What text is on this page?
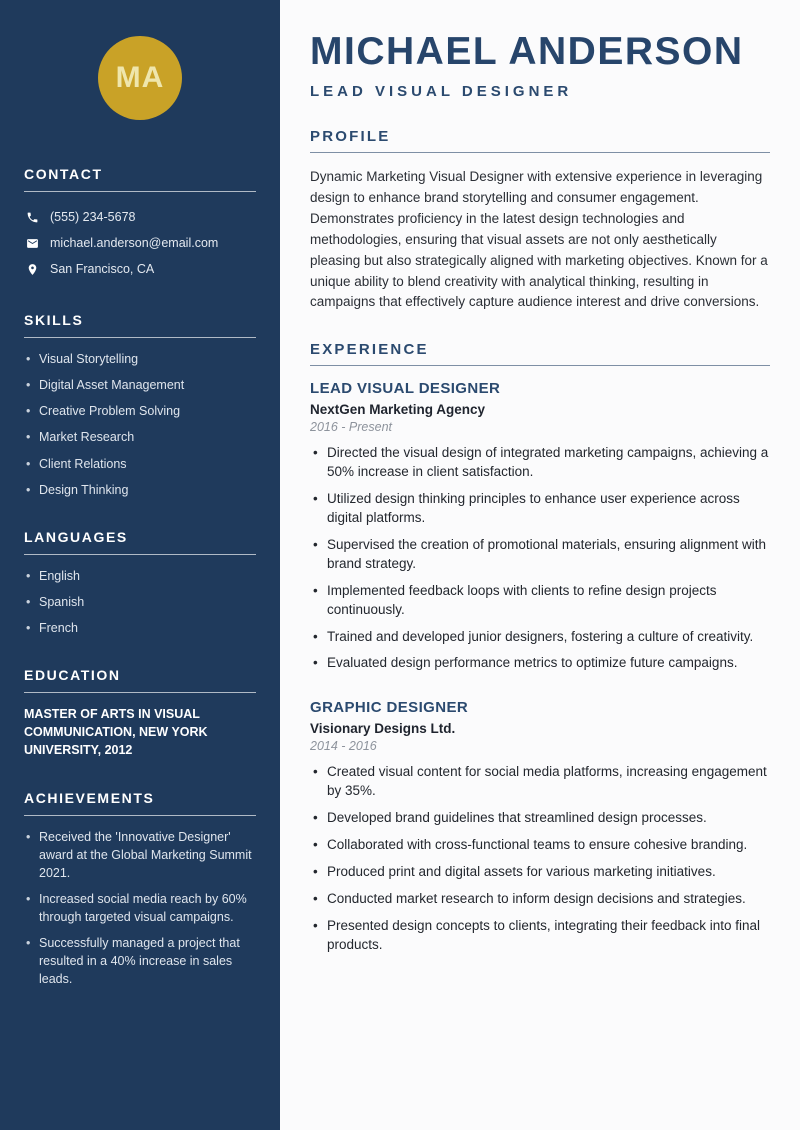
MA
CONTACT
(555) 234-5678
michael.anderson@email.com
San Francisco, CA
SKILLS
• Visual Storytelling
• Digital Asset Management
• Creative Problem Solving
• Market Research
• Client Relations
• Design Thinking
LANGUAGES
• English
• Spanish
• French
EDUCATION

MASTER OF ARTS IN VISUAL COMMUNICATION, NEW YORK UNIVERSITY, 2012

ACHIEVEMENTS
• Received the 'Innovative Designer' award at the Global Marketing Summit 2021.
• Increased social media reach by 60% through targeted visual campaigns.
• Successfully managed a project that resulted in a 40% increase in sales leads.
MICHAEL ANDERSON
LEAD VISUAL DESIGNER
PROFILE

Dynamic Marketing Visual Designer with extensive experience in leveraging design to enhance brand storytelling and consumer engagement. Demonstrates proficiency in the latest design technologies and methodologies, ensuring that visual assets are not only aesthetically pleasing but also strategically aligned with marketing objectives. Known for a unique ability to blend creativity with analytical thinking, resulting in campaigns that effectively capture audience interest and drive conversions.

EXPERIENCE
LEAD VISUAL DESIGNER
NextGen Marketing Agency
2016 - Present
• Directed the visual design of integrated marketing campaigns, achieving a 50% increase in client satisfaction.
• Utilized design thinking principles to enhance user experience across digital platforms.
• Supervised the creation of promotional materials, ensuring alignment with brand strategy.
• Implemented feedback loops with clients to refine design projects continuously.
• Trained and developed junior designers, fostering a culture of creativity.
• Evaluated design performance metrics to optimize future campaigns.
GRAPHIC DESIGNER
Visionary Designs Ltd.
2014 - 2016
• Created visual content for social media platforms, increasing engagement by 35%.
• Developed brand guidelines that streamlined design processes.
• Collaborated with cross-functional teams to ensure cohesive branding.
• Produced print and digital assets for various marketing initiatives.
• Conducted market research to inform design decisions and strategies.
• Presented design concepts to clients, integrating their feedback into final products.
